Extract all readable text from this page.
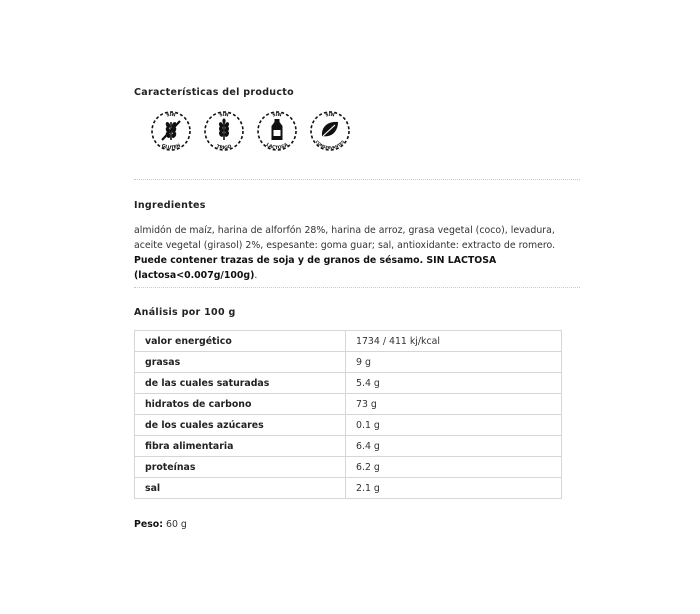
Características del producto
SIN
GLUTEN
SIN
TRIGO
SIN
LACTOSA
SIN
CONSERVANTES
Ingredientes
almidón de maíz, harina de alforfón 28%, harina de arroz, grasa vegetal (coco), levadura, aceite vegetal (girasol) 2%, espesante: goma guar; sal, antioxidante: extracto de romero. Puede contener trazas de soja y de granos de sésamo. SIN LACTOSA (lactosa<0.007g/100g).
Análisis por 100 g
valor energético	1734 / 411 kj/kcal
grasas	9 g
de las cuales saturadas	5.4 g
hidratos de carbono	73 g
de los cuales azúcares	0.1 g
fibra alimentaria	6.4 g
proteínas	6.2 g
sal	2.1 g
Peso: 60 g
